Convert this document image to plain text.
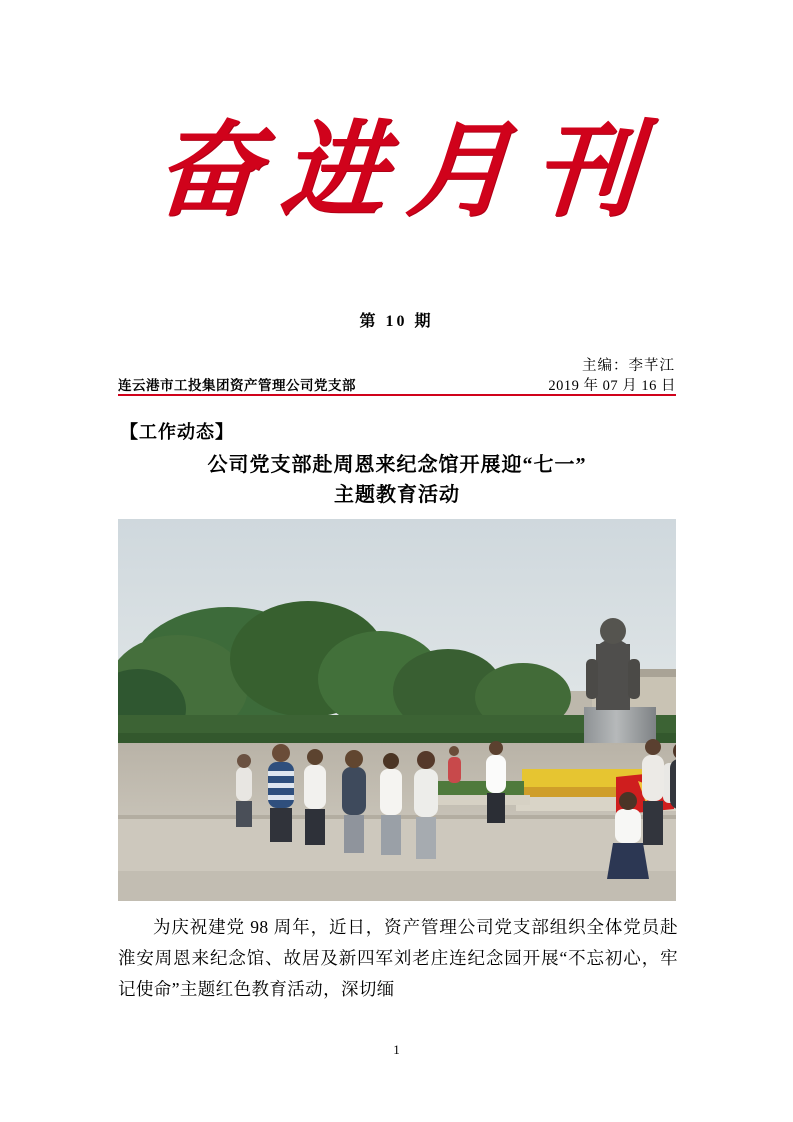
奋进月刊
第 10 期
主编：李芊江
连云港市工投集团资产管理公司党支部	2019 年 07 月 16 日
【工作动态】
公司党支部赴周恩来纪念馆开展迎“七一”
主题教育活动

为庆祝建党 98 周年，近日，资产管理公司党支部组织全体党员赴淮安周恩来纪念馆、故居及新四军刘老庄连纪念园开展“不忘初心，牢记使命”主题红色教育活动，深切缅

1
